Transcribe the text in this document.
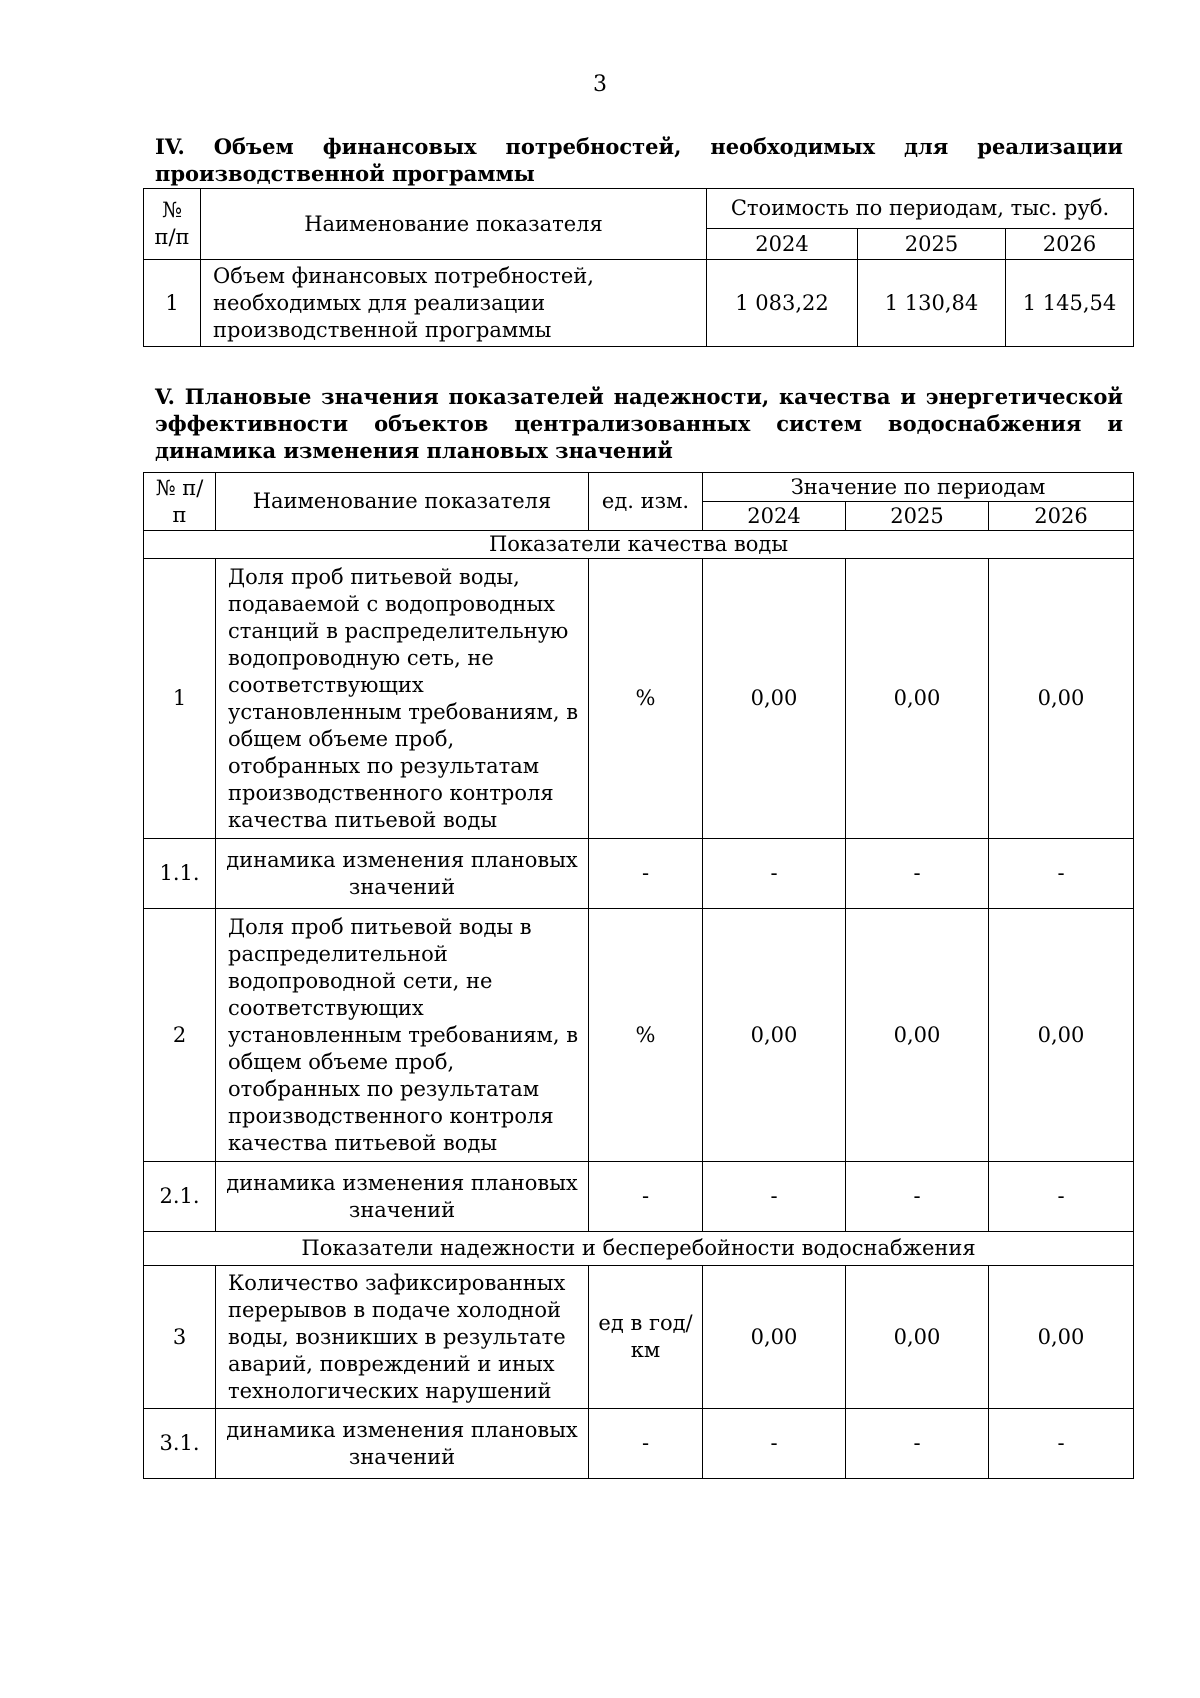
3
IV. Объем финансовых потребностей, необходимых для реализации производственной программы
№ п/п	Наименование показателя	Стоимость по периодам, тыс. руб.		
		2024	2025	2026
1	Объем финансовых потребностей, необходимых для реализации производственной программы	1 083,22	1 130,84	1 145,54
V. Плановые значения показателей надежности, качества и энергетической эффективности объектов централизованных систем водоснабжения и динамика изменения плановых значений
№ п/п	Наименование показателя	ед. изм.	Значение по периодам		
			2024	2025	2026
Показатели качества воды					
1	Доля проб питьевой воды, подаваемой с водопроводных станций в распределительную водопроводную сеть, не соответствующих установленным требованиям, в общем объеме проб, отобранных по результатам производственного контроля качества питьевой воды	%	0,00	0,00	0,00
1.1.	динамика изменения плановых значений	-	-	-	-
2	Доля проб питьевой воды в распределительной водопроводной сети, не соответствующих установленным требованиям, в общем объеме проб, отобранных по результатам производственного контроля качества питьевой воды	%	0,00	0,00	0,00
2.1.	динамика изменения плановых значений	-	-	-	-
Показатели надежности и бесперебойности водоснабжения					
3	Количество зафиксированных перерывов в подаче холодной воды, возникших в результате аварий, повреждений и иных технологических нарушений	ед в год/ км	0,00	0,00	0,00
3.1.	динамика изменения плановых значений	-	-	-	-
